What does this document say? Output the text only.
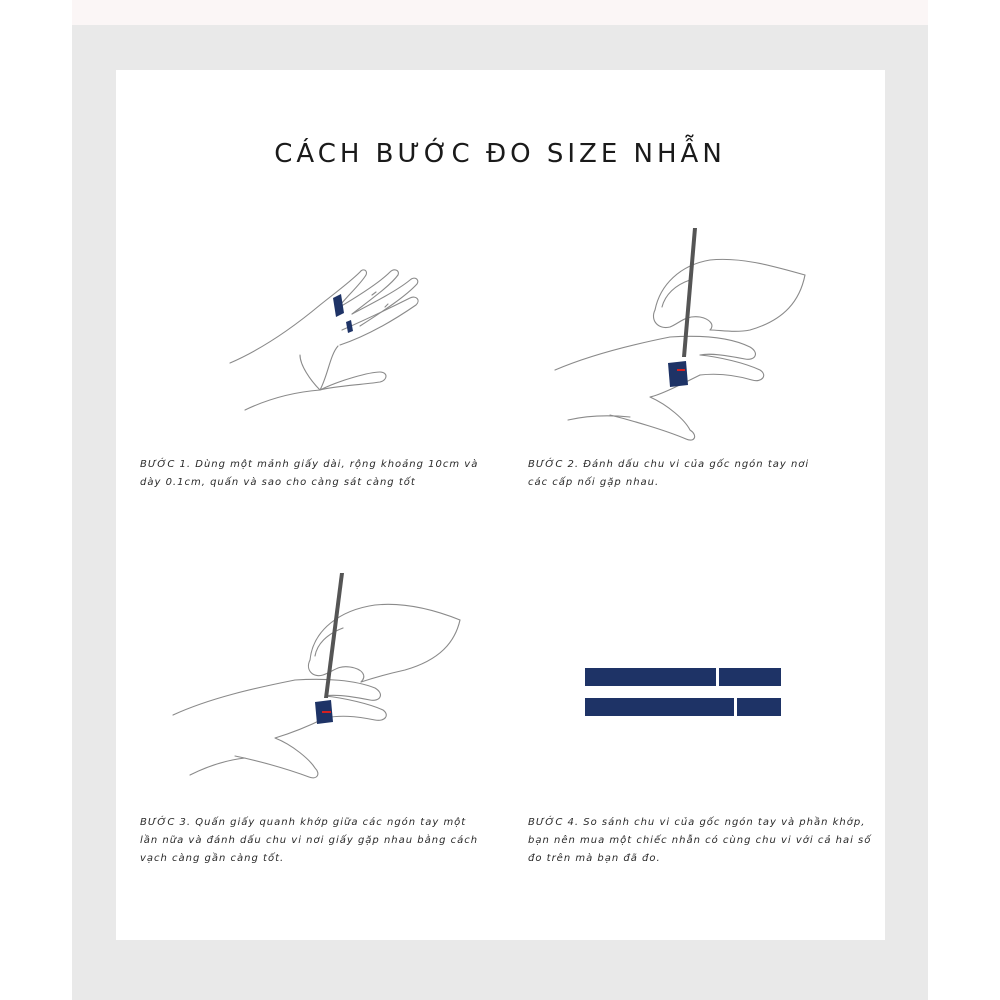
CÁCH BƯỚC ĐO SIZE NHẪN
BƯỚC 1. Dùng một mảnh giấy dài, rộng khoảng 10cm và
dày 0.1cm, quấn và sao cho càng sát càng tốt
BƯỚC 2. Đánh dấu chu vi của gốc ngón tay nơi
các cấp nối gặp nhau.
BƯỚC 3. Quấn giấy quanh khớp giữa các ngón tay một
lần nữa và đánh dấu chu vi nơi giấy gặp nhau bằng cách
vạch càng gần càng tốt.
BƯỚC 4. So sánh chu vi của gốc ngón tay và phần khớp,
bạn nên mua một chiếc nhẫn có cùng chu vi với cả hai số
đo trên mà bạn đã đo.
